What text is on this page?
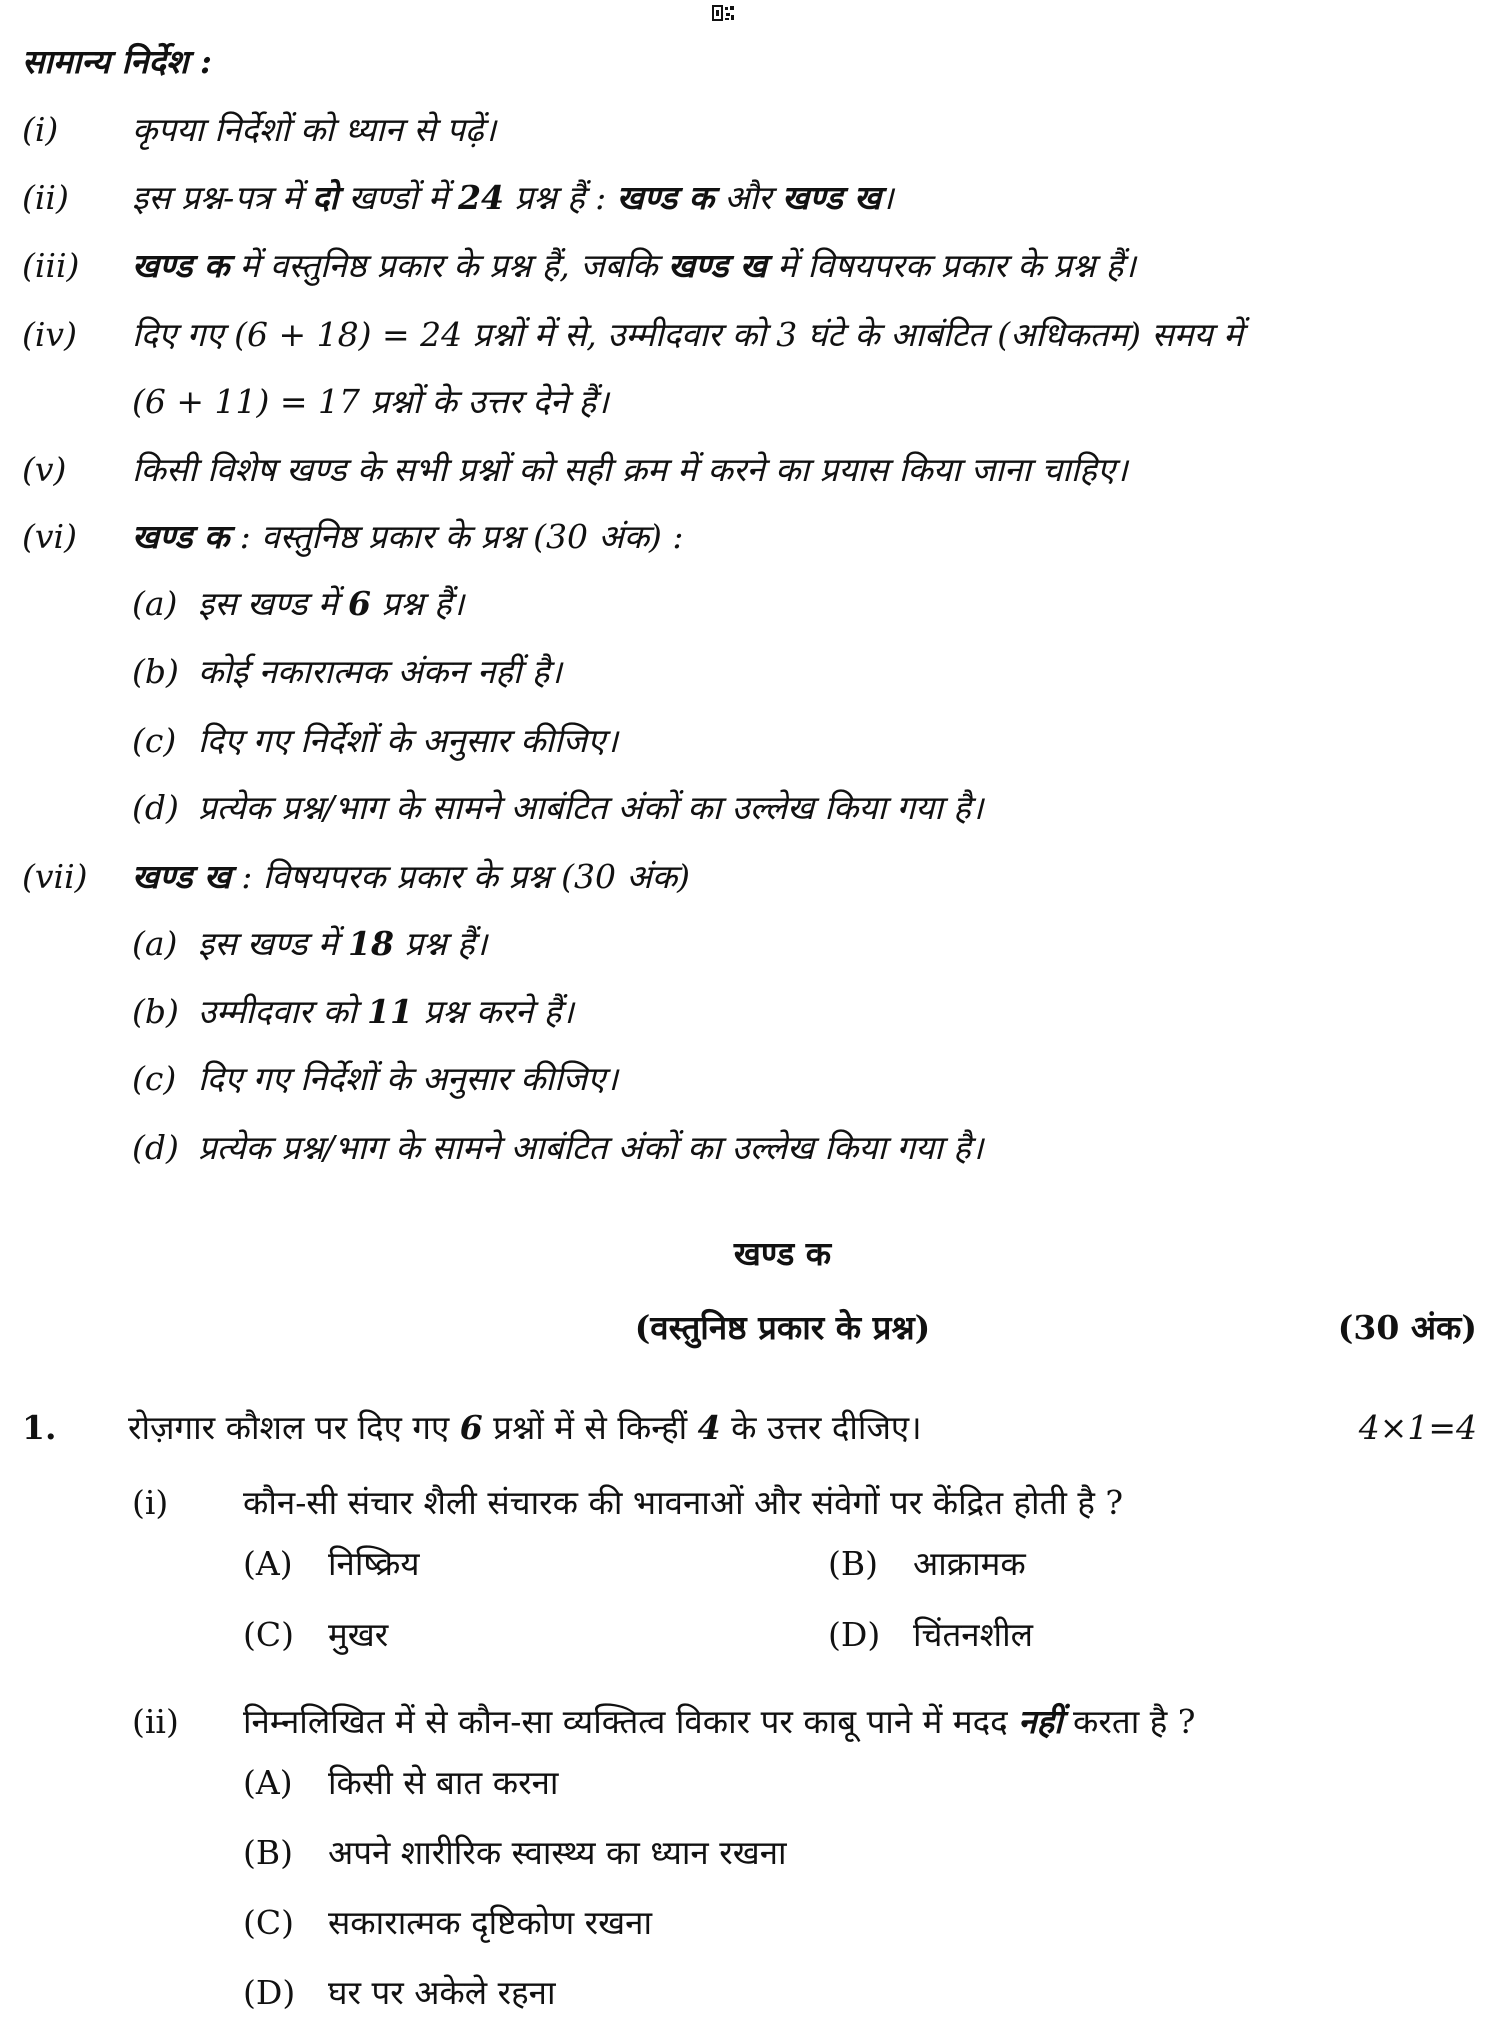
सामान्य निर्देश :
(i) कृपया निर्देशों को ध्यान से पढ़ें।
(ii) इस प्रश्न-पत्र में दो खण्डों में 24 प्रश्न हैं : खण्ड क और खण्ड ख।
(iii) खण्ड क में वस्तुनिष्ठ प्रकार के प्रश्न हैं, जबकि खण्ड ख में विषयपरक प्रकार के प्रश्न हैं।
(iv) दिए गए (6 + 18) = 24 प्रश्नों में से, उम्मीदवार को 3 घंटे के आबंटित (अधिकतम) समय में
(6 + 11) = 17 प्रश्नों के उत्तर देने हैं।
(v) किसी विशेष खण्ड के सभी प्रश्नों को सही क्रम में करने का प्रयास किया जाना चाहिए।
(vi) खण्ड क : वस्तुनिष्ठ प्रकार के प्रश्न (30 अंक) :
(a) इस खण्ड में 6 प्रश्न हैं।
(b) कोई नकारात्मक अंकन नहीं है।
(c) दिए गए निर्देशों के अनुसार कीजिए।
(d) प्रत्येक प्रश्न/भाग के सामने आबंटित अंकों का उल्लेख किया गया है।
(vii) खण्ड ख : विषयपरक प्रकार के प्रश्न (30 अंक)
(a) इस खण्ड में 18 प्रश्न हैं।
(b) उम्मीदवार को 11 प्रश्न करने हैं।
(c) दिए गए निर्देशों के अनुसार कीजिए।
(d) प्रत्येक प्रश्न/भाग के सामने आबंटित अंकों का उल्लेख किया गया है।
खण्ड क
(वस्तुनिष्ठ प्रकार के प्रश्न)	(30 अंक)
1. रोज़गार कौशल पर दिए गए 6 प्रश्नों में से किन्हीं 4 के उत्तर दीजिए।	4×1=4
(i) कौन-सी संचार शैली संचारक की भावनाओं और संवेगों पर केंद्रित होती है ?
(A) निष्क्रिय	(B) आक्रामक
(C) मुखर	(D) चिंतनशील
(ii) निम्नलिखित में से कौन-सा व्यक्तित्व विकार पर काबू पाने में मदद नहीं करता है ?
(A) किसी से बात करना
(B) अपने शारीरिक स्वास्थ्य का ध्यान रखना
(C) सकारात्मक दृष्टिकोण रखना
(D) घर पर अकेले रहना
